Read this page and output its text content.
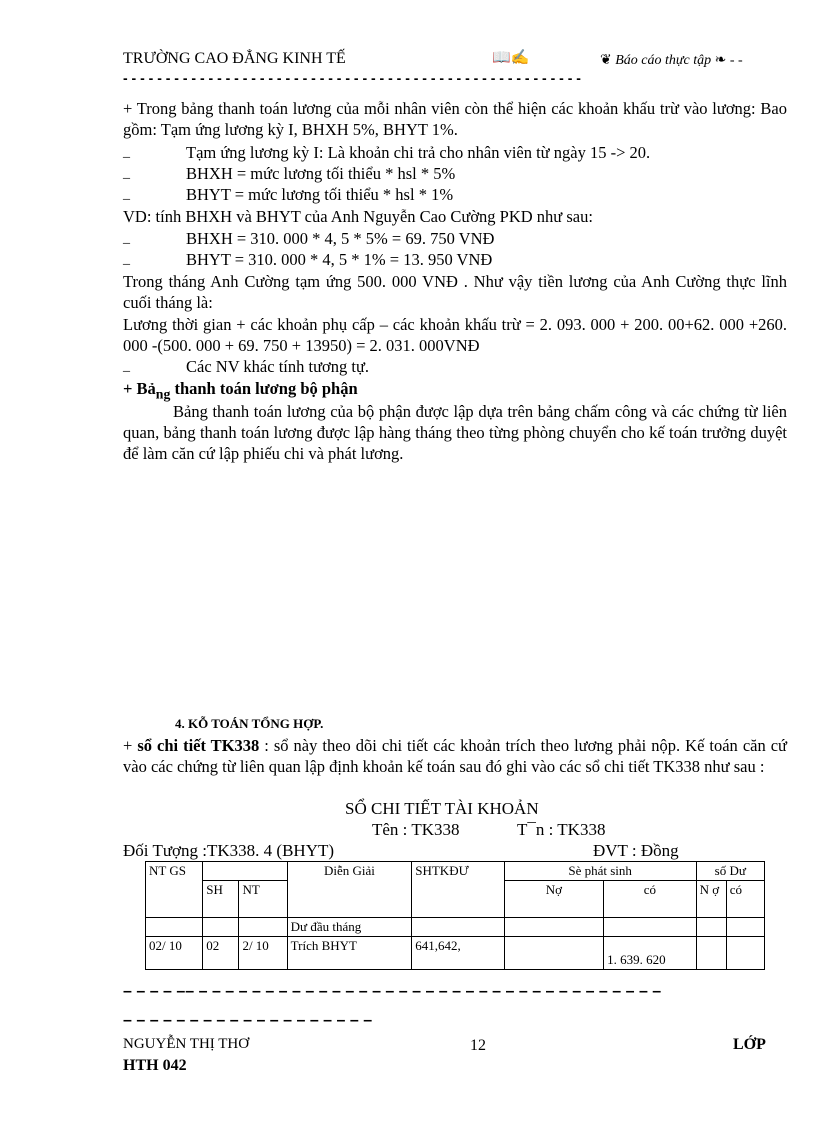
TRƯỜNG CAO ĐẲNG KINH TẾ	📖✍	❦ Báo cáo thực tập ❧ - -
- - - - - - - - - - - - - - - - - - - - - - - - - - - - - - - - - - - - - - - - - - - - - - - - - - - - - -
+ Trong bảng thanh toán lương của mỗi nhân viên còn thể hiện các khoản khấu trừ vào lương: Bao gồm: Tạm ứng lương kỳ I, BHXH 5%, BHYT 1%.
_	Tạm ứng lương kỳ I: Là khoản chi trả cho nhân viên từ ngày 15 -> 20.
_	BHXH = mức lương tối thiểu * hsl * 5%
_	BHYT = mức lương tối thiểu * hsl * 1%
VD: tính BHXH và BHYT của Anh Nguyễn Cao Cường PKD như sau:
_	BHXH = 310. 000 * 4, 5 * 5% = 69. 750 VNĐ
_	BHYT = 310. 000 * 4, 5 * 1% = 13. 950 VNĐ
Trong tháng Anh Cường tạm ứng 500. 000 VNĐ . Như vậy tiền lương của Anh Cường thực lĩnh cuối tháng là:
Lương thời gian + các khoản phụ cấp – các khoản khấu trừ = 2. 093. 000 + 200. 00+62. 000 +260. 000 -(500. 000 + 69. 750 + 13950) = 2. 031. 000VNĐ
_	Các NV khác tính tương tự.
+ Bả$_{ng}$ thanh toán lương bộ phận
Bảng thanh toán lương của bộ phận được lập dựa trên bảng chấm công và các chứng từ liên quan, bảng thanh toán lương được lập hàng tháng theo từng phòng chuyển cho kế toán trưởng duyệt để làm căn cứ lập phiếu chi và phát lương.
4. KỖ TOÁN TỔNG HỢP.
+ sổ chi tiết TK338 : sổ này theo dõi chi tiết các khoản trích theo lương phải nộp. Kế toán căn cứ vào các chứng từ liên quan lập định khoản kế toán sau đó ghi vào các sổ chi tiết TK338 như sau :
SỔ CHI TIẾT TÀI KHOẢN
Tên : TK338	T¯n : TK338
Đối Tượng :TK338. 4 (BHYT)	ĐVT : Đồng
NT GS			Diễn Giải	SHTKĐƯ	Sè phát sinh		số Dư	
	SH	NT			Nợ	có	N ợ	có
			Dư đầu tháng					
02/ 10	02	2/ 10	Trích BHYT	641,642,		1. 639. 620		
– – – – –– – – – – – – – – – – – – – – – – – – – – – – – – – – – – – – – – – – –
– – – – – – – – – – – – – – – – – – –
NGUYỄN THỊ THƠ	12	LỚP
HTH 042
